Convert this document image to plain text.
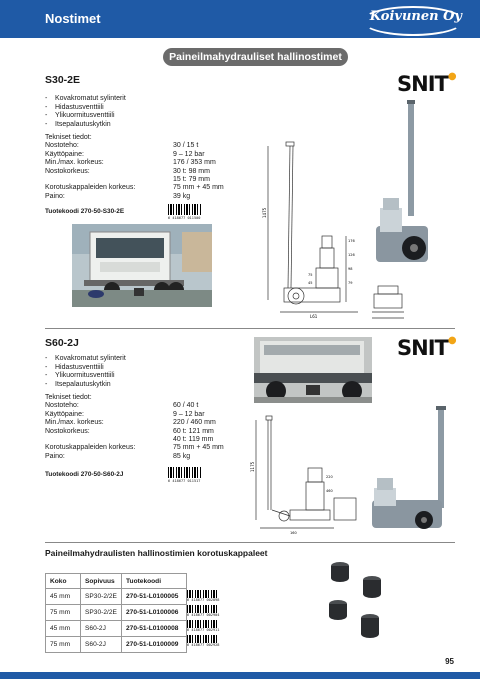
Nostimet	Koivunen Oy
Paineilmahydrauliset hallinostimet
S30-2E
- Kovakromatut sylinterit
- Hidastusventtiili
- Ylikuormitusventtiili
- Itsepalautuskytkin
Tekniset tiedot:
Nostoteho:	30 / 15 t
Käyttöpaine:	9 – 12 bar
Min./max. korkeus:	176 / 353 mm
Nostokorkeus:	30 t: 98 mm
15 t: 79 mm
Korotuskappaleiden korkeus:	75 mm + 45 mm
Paino:	39 kg
Tuotekoodi 270-50-S30-2E
6 418677 011500
SNIT●
1475
L61
176
126
98
79
75
45
S60-2J
- Kovakromatut sylinterit
- Hidastusventtiili
- Ylikuormitusventtiili
- Itsepalautuskytkin
Tekniset tiedot:
Nostoteho:	60 / 40 t
Käyttöpaine:	9 – 12 bar
Min./max. korkeus:	220 / 460 mm
Nostokorkeus:	60 t: 121 mm
40 t: 119 mm
Korotuskappaleiden korkeus:	75 mm + 45 mm
Paino:	85 kg
Tuotekoodi 270-50-S60-2J
6 418677 011517
SNIT●
1175
220
460
160
Paineilmahydraulisten hallinostimien korotuskappaleet
Koko	Sopivuus	Tuotekoodi
45 mm	SP30-2/2E	270-51-L0100005
75 mm	SP30-2/2E	270-51-L0100006
45 mm	S60-2J	270-51-L0100008
75 mm	S60-2J	270-51-L0100009
6 418677 002898
6 418677 002904
6 418677 002911
6 418677 002928
95
